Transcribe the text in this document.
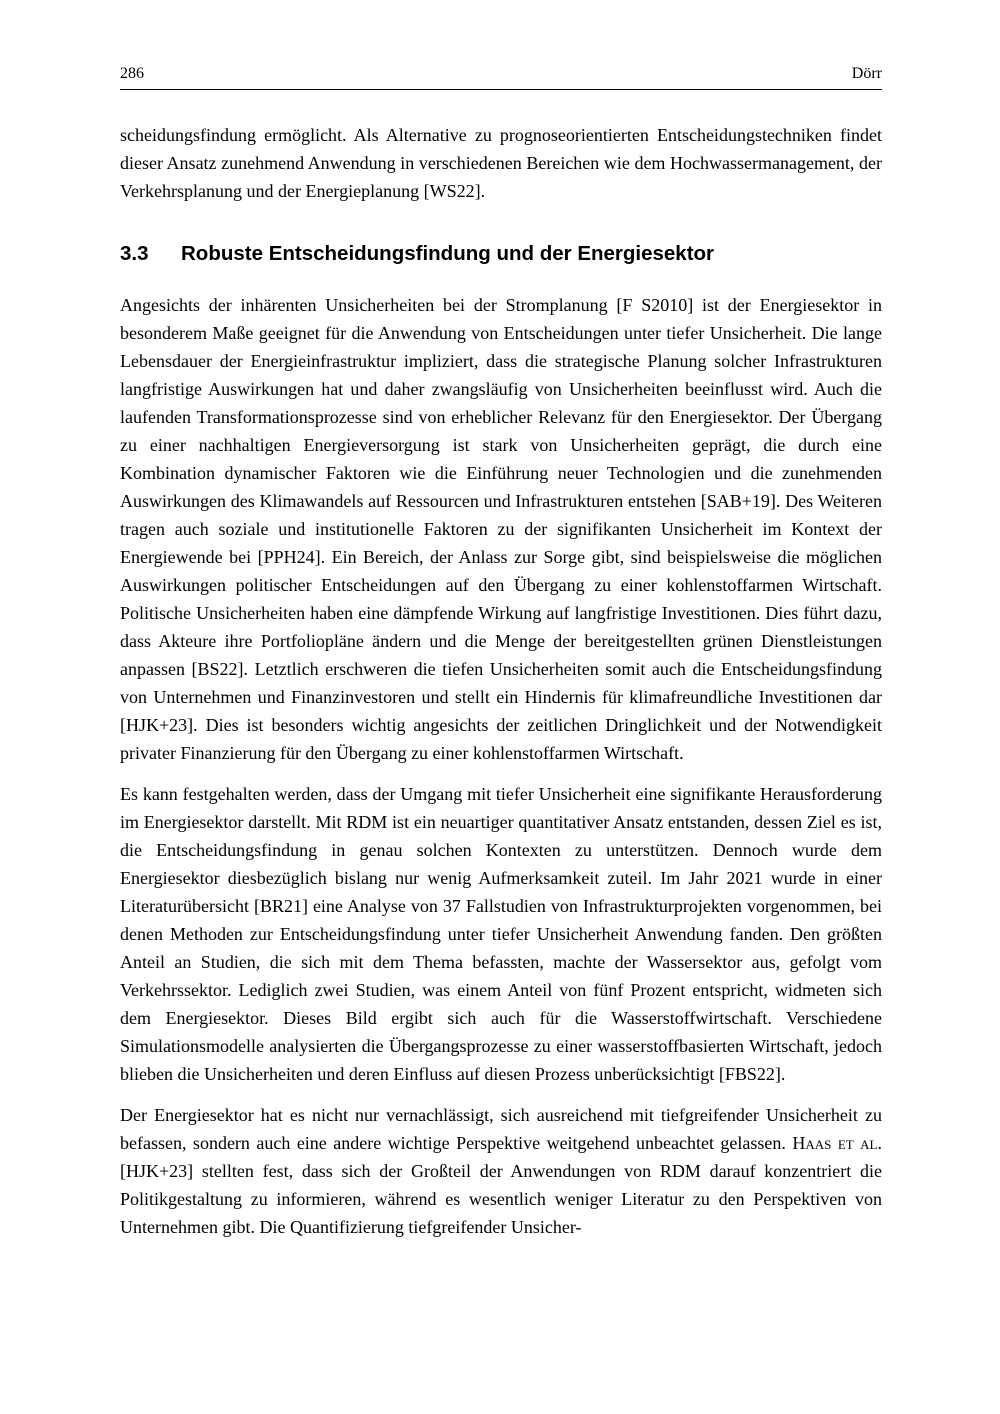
286	Dörr

scheidungsfindung ermöglicht. Als Alternative zu prognoseorientierten Entscheidungstechniken findet dieser Ansatz zunehmend Anwendung in verschiedenen Bereichen wie dem Hochwassermanagement, der Verkehrsplanung und der Energieplanung [WS22].

3.3	Robuste Entscheidungsfindung und der Energiesektor

Angesichts der inhärenten Unsicherheiten bei der Stromplanung [F S2010] ist der Energiesektor in besonderem Maße geeignet für die Anwendung von Entscheidungen unter tiefer Unsicherheit. Die lange Lebensdauer der Energieinfrastruktur impliziert, dass die strategische Planung solcher Infrastrukturen langfristige Auswirkungen hat und daher zwangsläufig von Unsicherheiten beeinflusst wird. Auch die laufenden Transformationsprozesse sind von erheblicher Relevanz für den Energiesektor. Der Übergang zu einer nachhaltigen Energieversorgung ist stark von Unsicherheiten geprägt, die durch eine Kombination dynamischer Faktoren wie die Einführung neuer Technologien und die zunehmenden Auswirkungen des Klimawandels auf Ressourcen und Infrastrukturen entstehen [SAB+19]. Des Weiteren tragen auch soziale und institutionelle Faktoren zu der signifikanten Unsicherheit im Kontext der Energiewende bei [PPH24]. Ein Bereich, der Anlass zur Sorge gibt, sind beispielsweise die möglichen Auswirkungen politischer Entscheidungen auf den Übergang zu einer kohlenstoffarmen Wirtschaft. Politische Unsicherheiten haben eine dämpfende Wirkung auf langfristige Investitionen. Dies führt dazu, dass Akteure ihre Portfoliopläne ändern und die Menge der bereitgestellten grünen Dienstleistungen anpassen [BS22]. Letztlich erschweren die tiefen Unsicherheiten somit auch die Entscheidungsfindung von Unternehmen und Finanzinvestoren und stellt ein Hindernis für klimafreundliche Investitionen dar [HJK+23]. Dies ist besonders wichtig angesichts der zeitlichen Dringlichkeit und der Notwendigkeit privater Finanzierung für den Übergang zu einer kohlenstoffarmen Wirtschaft.

Es kann festgehalten werden, dass der Umgang mit tiefer Unsicherheit eine signifikante Herausforderung im Energiesektor darstellt. Mit RDM ist ein neuartiger quantitativer Ansatz entstanden, dessen Ziel es ist, die Entscheidungsfindung in genau solchen Kontexten zu unterstützen. Dennoch wurde dem Energiesektor diesbezüglich bislang nur wenig Aufmerksamkeit zuteil. Im Jahr 2021 wurde in einer Literaturübersicht [BR21] eine Analyse von 37 Fallstudien von Infrastrukturprojekten vorgenommen, bei denen Methoden zur Entscheidungsfindung unter tiefer Unsicherheit Anwendung fanden. Den größten Anteil an Studien, die sich mit dem Thema befassten, machte der Wassersektor aus, gefolgt vom Verkehrssektor. Lediglich zwei Studien, was einem Anteil von fünf Prozent entspricht, widmeten sich dem Energiesektor. Dieses Bild ergibt sich auch für die Wasserstoffwirtschaft. Verschiedene Simulationsmodelle analysierten die Übergangsprozesse zu einer wasserstoffbasierten Wirtschaft, jedoch blieben die Unsicherheiten und deren Einfluss auf diesen Prozess unberücksichtigt [FBS22].

Der Energiesektor hat es nicht nur vernachlässigt, sich ausreichend mit tiefgreifender Unsicherheit zu befassen, sondern auch eine andere wichtige Perspektive weitgehend unbeachtet gelassen. Haas et al. [HJK+23] stellten fest, dass sich der Großteil der Anwendungen von RDM darauf konzentriert die Politikgestaltung zu informieren, während es wesentlich weniger Literatur zu den Perspektiven von Unternehmen gibt. Die Quantifizierung tiefgreifender Unsicher-
